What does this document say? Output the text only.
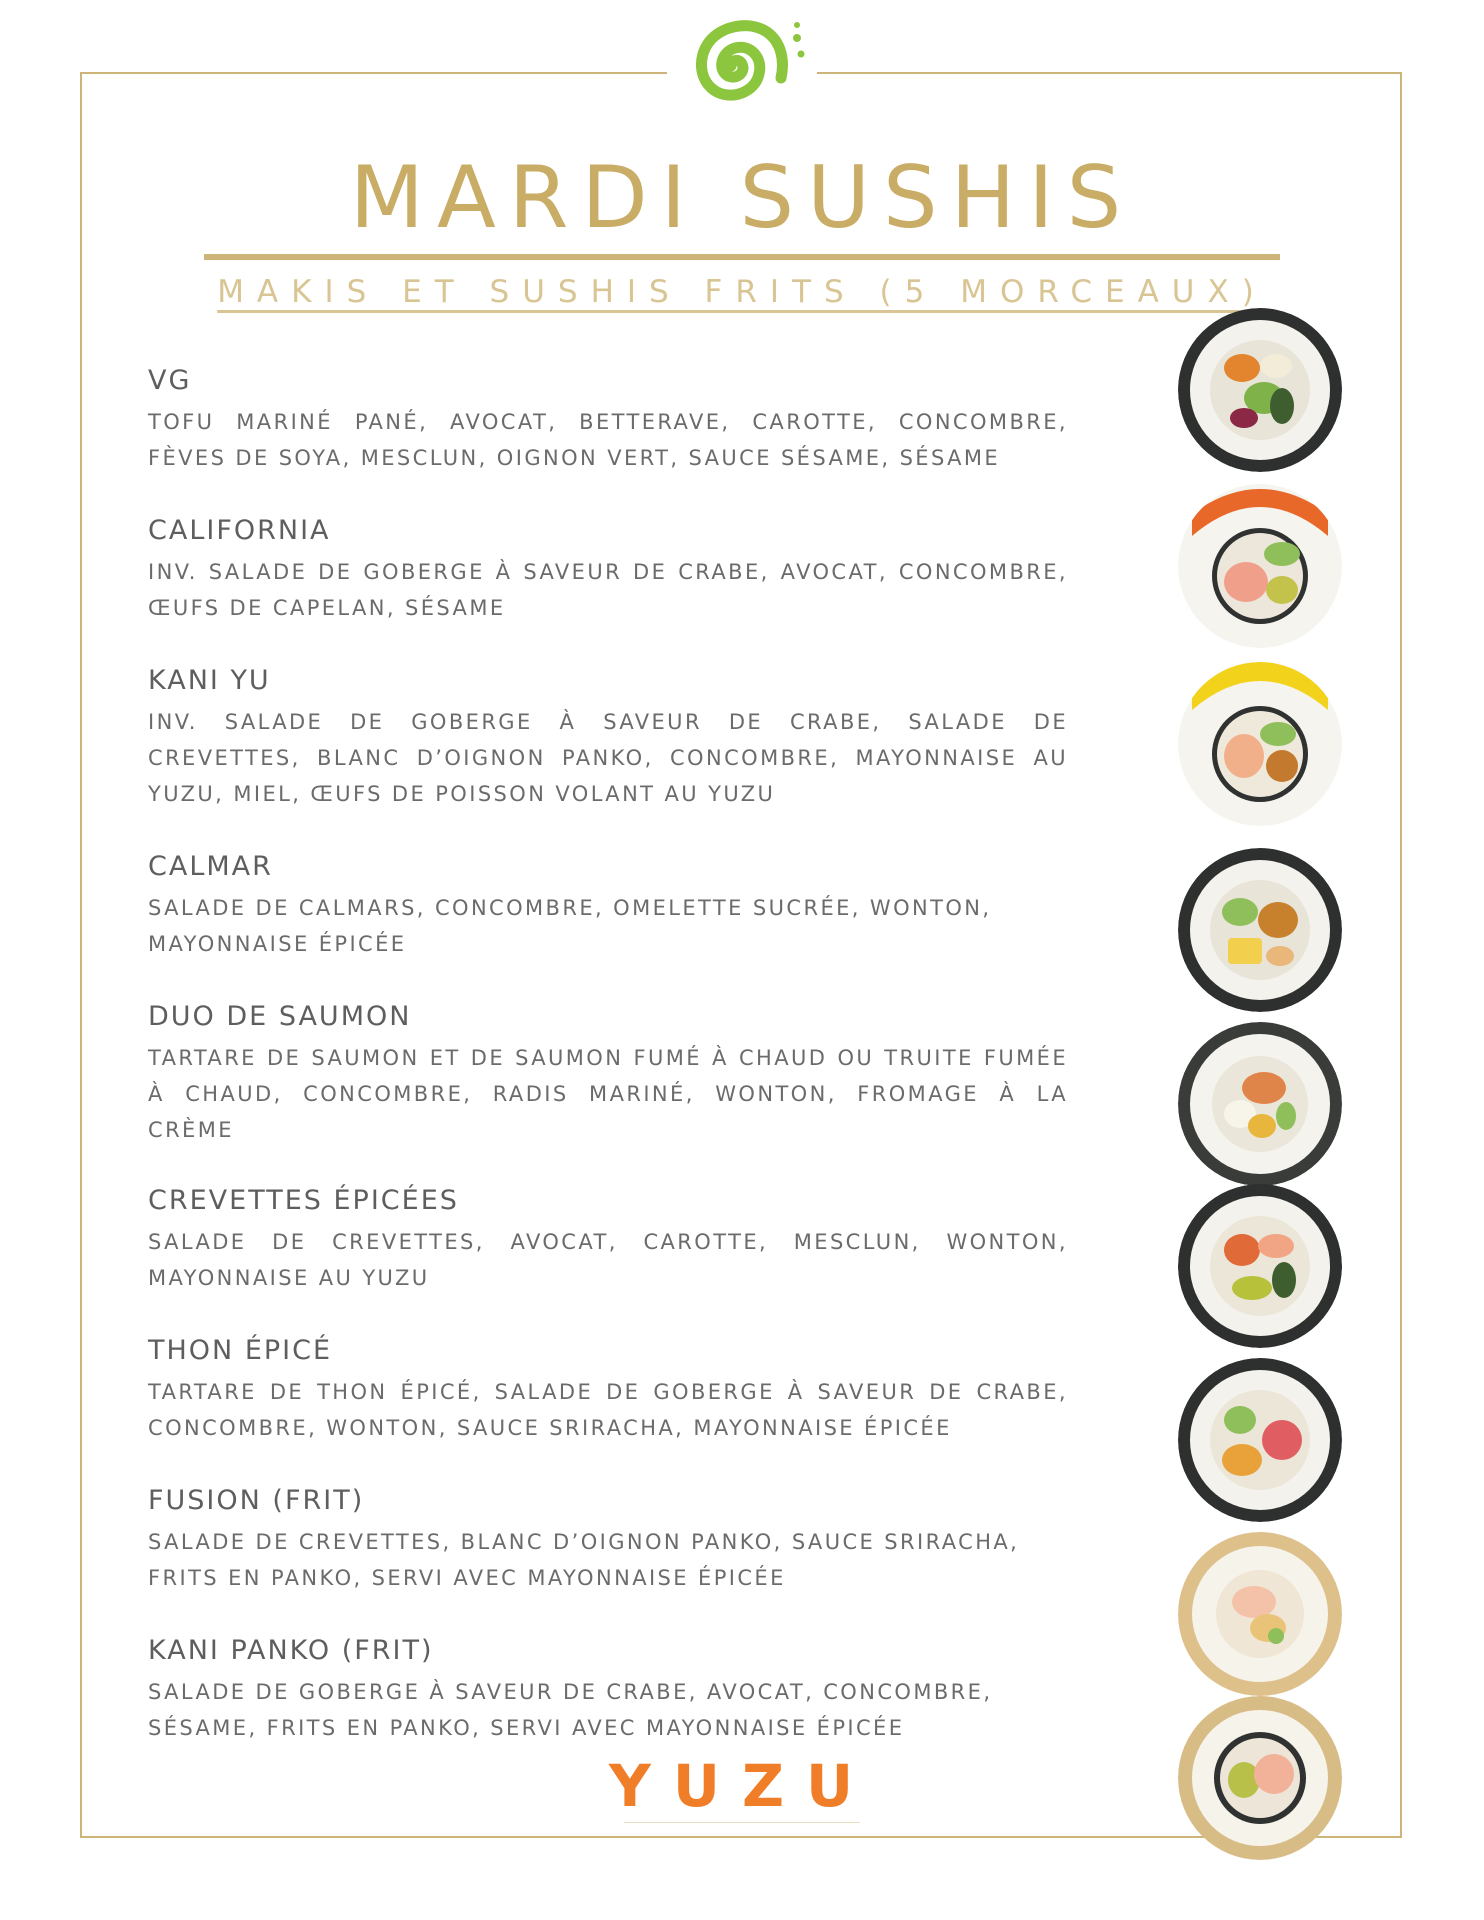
MARDI SUSHIS
MAKIS ET SUSHIS FRITS (5 MORCEAUX)

VG

TOFU MARINÉ PANÉ, AVOCAT, BETTERAVE, CAROTTE, CONCOMBRE, FÈVES DE SOYA, MESCLUN, OIGNON VERT, SAUCE SÉSAME, SÉSAME

CALIFORNIA

INV. SALADE DE GOBERGE À SAVEUR DE CRABE, AVOCAT, CONCOMBRE, ŒUFS DE CAPELAN, SÉSAME

KANI YU

INV. SALADE DE GOBERGE À SAVEUR DE CRABE, SALADE DE CREVETTES, BLANC D’OIGNON PANKO, CONCOMBRE, MAYONNAISE AU YUZU, MIEL, ŒUFS DE POISSON VOLANT AU YUZU

CALMAR

SALADE DE CALMARS, CONCOMBRE, OMELETTE SUCRÉE, WONTON, MAYONNAISE ÉPICÉE

DUO DE SAUMON

TARTARE DE SAUMON ET DE SAUMON FUMÉ À CHAUD OU TRUITE FUMÉE À CHAUD, CONCOMBRE, RADIS MARINÉ, WONTON, FROMAGE À LA CRÈME

CREVETTES ÉPICÉES

SALADE DE CREVETTES, AVOCAT, CAROTTE, MESCLUN, WONTON, MAYONNAISE AU YUZU

THON ÉPICÉ

TARTARE DE THON ÉPICÉ, SALADE DE GOBERGE À SAVEUR DE CRABE, CONCOMBRE, WONTON, SAUCE SRIRACHA, MAYONNAISE ÉPICÉE

FUSION (FRIT)

SALADE DE CREVETTES, BLANC D’OIGNON PANKO, SAUCE SRIRACHA, FRITS EN PANKO, SERVI AVEC MAYONNAISE ÉPICÉE

KANI PANKO (FRIT)

SALADE DE GOBERGE À SAVEUR DE CRABE, AVOCAT, CONCOMBRE, SÉSAME, FRITS EN PANKO, SERVI AVEC MAYONNAISE ÉPICÉE

YUZU
